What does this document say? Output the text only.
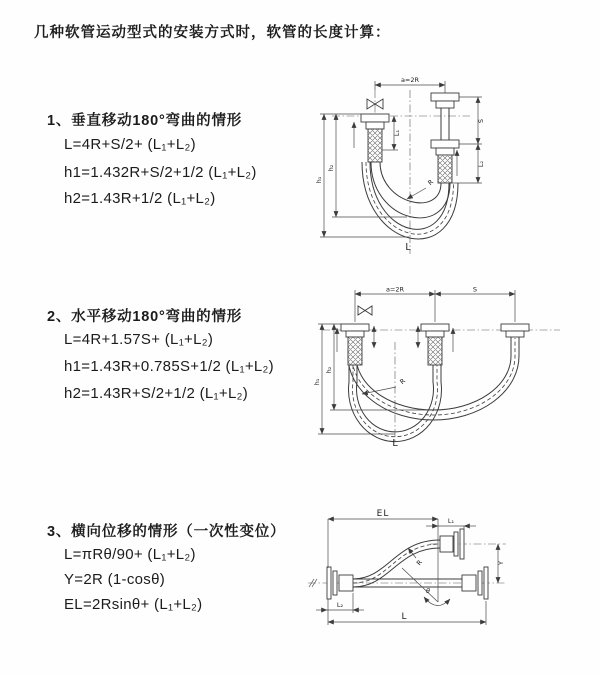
几种软管运动型式的安装方式时，软管的长度计算：
1、垂直移动180°弯曲的情形
L=4R+S/2+ (L₁+L₂)
h1=1.432R+S/2+1/2 (L₁+L₂)
h2=1.43R+1/2 (L₁+L₂)
2、水平移动180°弯曲的情形
L=4R+1.57S+ (L₁+L₂)
h1=1.43R+0.785S+1/2 (L₁+L₂)
h2=1.43R+S/2+1/2 (L₁+L₂)
3、横向位移的情形（一次性变位）
L=πRθ/90+ (L₁+L₂)
Y=2R (1-cosθ)
EL=2Rsinθ+ (L₁+L₂)
a=2R
h₁
h₂
L₁
S
L₂
R
L
a=2R	S
h₁
h₂
R
L
θ
EL
L₁
Y
R
L₂
L
